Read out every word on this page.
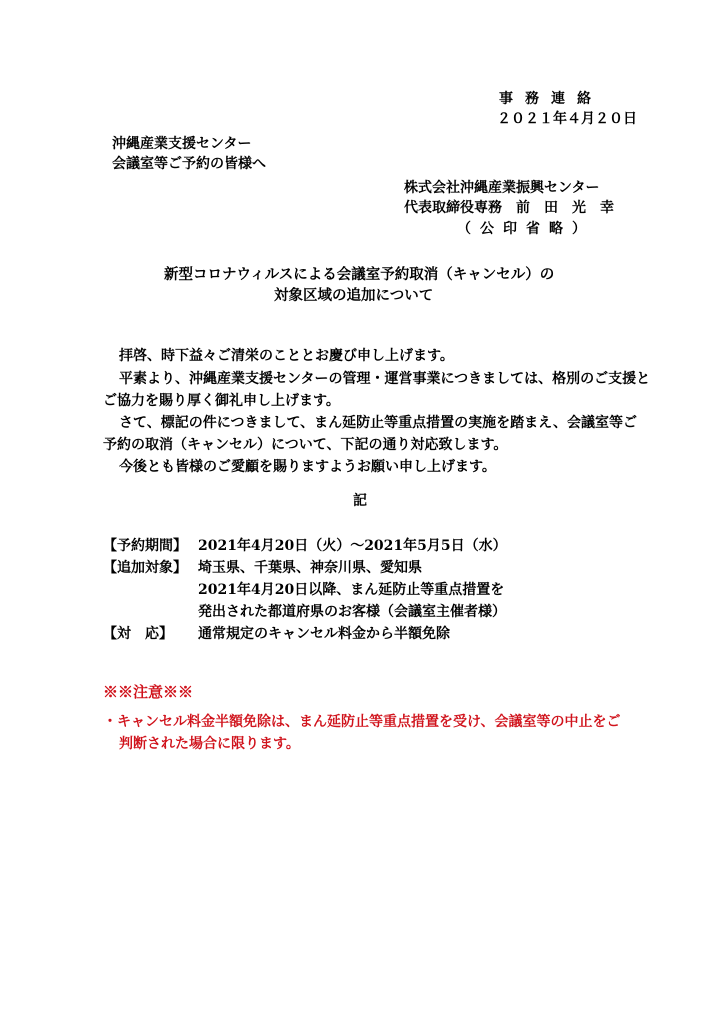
事務連絡
２０２１年４月２０日
沖縄産業支援センター
会議室等ご予約の皆様へ
株式会社沖縄産業振興センター
代表取締役専務　前　田　光　幸
（公印省略）
新型コロナウィルスによる会議室予約取消（キャンセル）の
対象区域の追加について
拝啓、時下益々ご清栄のこととお慶び申し上げます。
平素より、沖縄産業支援センターの管理・運営事業につきましては、格別のご支援と
ご協力を賜り厚く御礼申し上げます。
さて、標記の件につきまして、まん延防止等重点措置の実施を踏まえ、会議室等ご
予約の取消（キャンセル）について、下記の通り対応致します。
今後とも皆様のご愛顧を賜りますようお願い申し上げます。
記
【予約期間】 2021年4月20日（火）～2021年5月5日（水）
【追加対象】 埼玉県、千葉県、神奈川県、愛知県
2021年4月20日以降、まん延防止等重点措置を
発出された都道府県のお客様（会議室主催者様）
【対　応】 通常規定のキャンセル料金から半額免除
※※注意※※
・キャンセル料金半額免除は、まん延防止等重点措置を受け、会議室等の中止をご
判断された場合に限ります。
